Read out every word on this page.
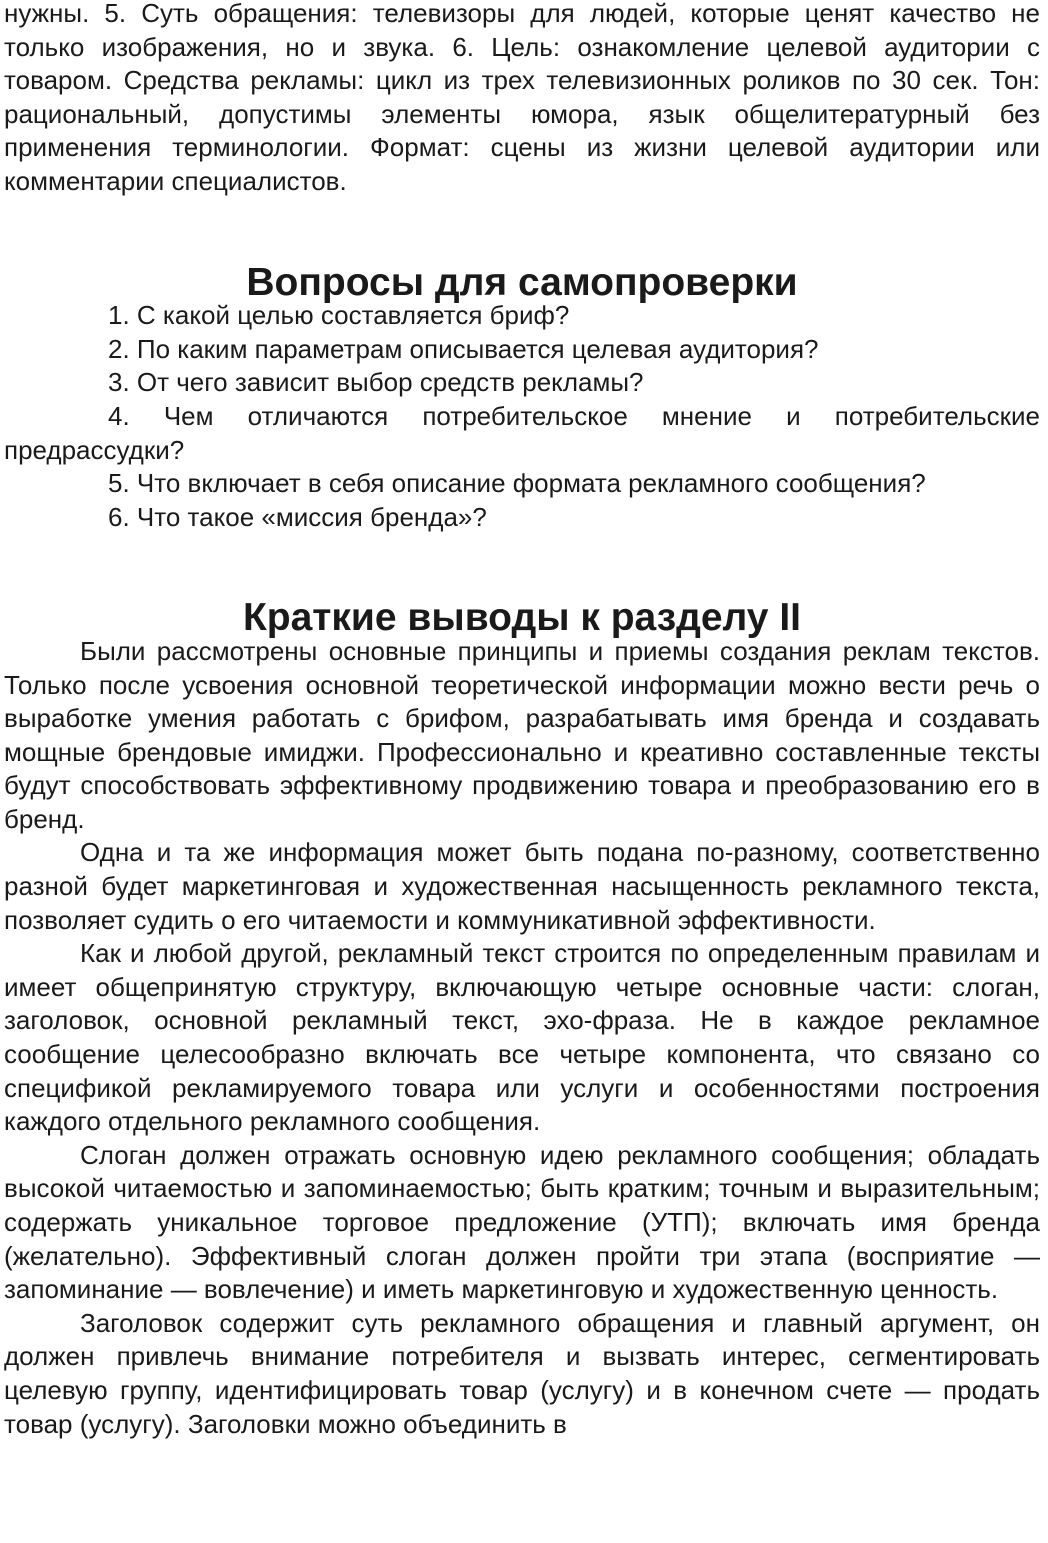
нужны. 5. Суть обращения: телевизоры для людей, которые ценят качество не только изображения, но и звука. 6. Цель: ознакомление целевой аудитории с товаром. Средства рекламы: цикл из трех телевизионных роликов по 30 сек. Тон: рациональный, допустимы элементы юмора, язык общелитературный без применения терминологии. Формат: сцены из жизни целевой аудитории или комментарии специалистов.

Вопросы для самопроверки
1. С какой целью составляется бриф?
2. По каким параметрам описывается целевая аудитория?
3. От чего зависит выбор средств рекламы?
4. Чем отличаются потребительское мнение и потребительские предрассудки?
5. Что включает в себя описание формата рекламного сообщения?
6. Что такое «миссия бренда»?
Краткие выводы к разделу II

Были рассмотрены основные принципы и приемы создания реклам текстов. Только после усвоения основной теоретической информации можно вести речь о выработке умения работать с брифом, разрабатывать имя бренда и создавать мощные брендовые имиджи. Профессионально и креативно составленные тексты будут способствовать эффективному продвижению товара и преобразованию его в бренд.

Одна и та же информация может быть подана по-разному, соответственно разной будет маркетинговая и художественная насыщенность рекламного текста, позволяет судить о его читаемости и коммуникативной эффективности.

Как и любой другой, рекламный текст строится по определенным правилам и имеет общепринятую структуру, включающую четыре основные части: слоган, заголовок, основной рекламный текст, эхо-фраза. Не в каждое рекламное сообщение целесообразно включать все четыре компонента, что связано со спецификой рекламируемого товара или услуги и особенностями построения каждого отдельного рекламного сообщения.

Слоган должен отражать основную идею рекламного сообщения; обладать высокой читаемостью и запоминаемостью; быть кратким; точным и выразительным; содержать уникальное торговое предложение (УТП); включать имя бренда (желательно). Эффективный слоган должен пройти три этапа (восприятие — запоминание — вовлечение) и иметь маркетинговую и художественную ценность.

Заголовок содержит суть рекламного обращения и главный аргумент, он должен привлечь внимание потребителя и вызвать интерес, сегментировать целевую группу, идентифицировать товар (услугу) и в конечном счете — продать товар (услугу). Заголовки можно объединить в
